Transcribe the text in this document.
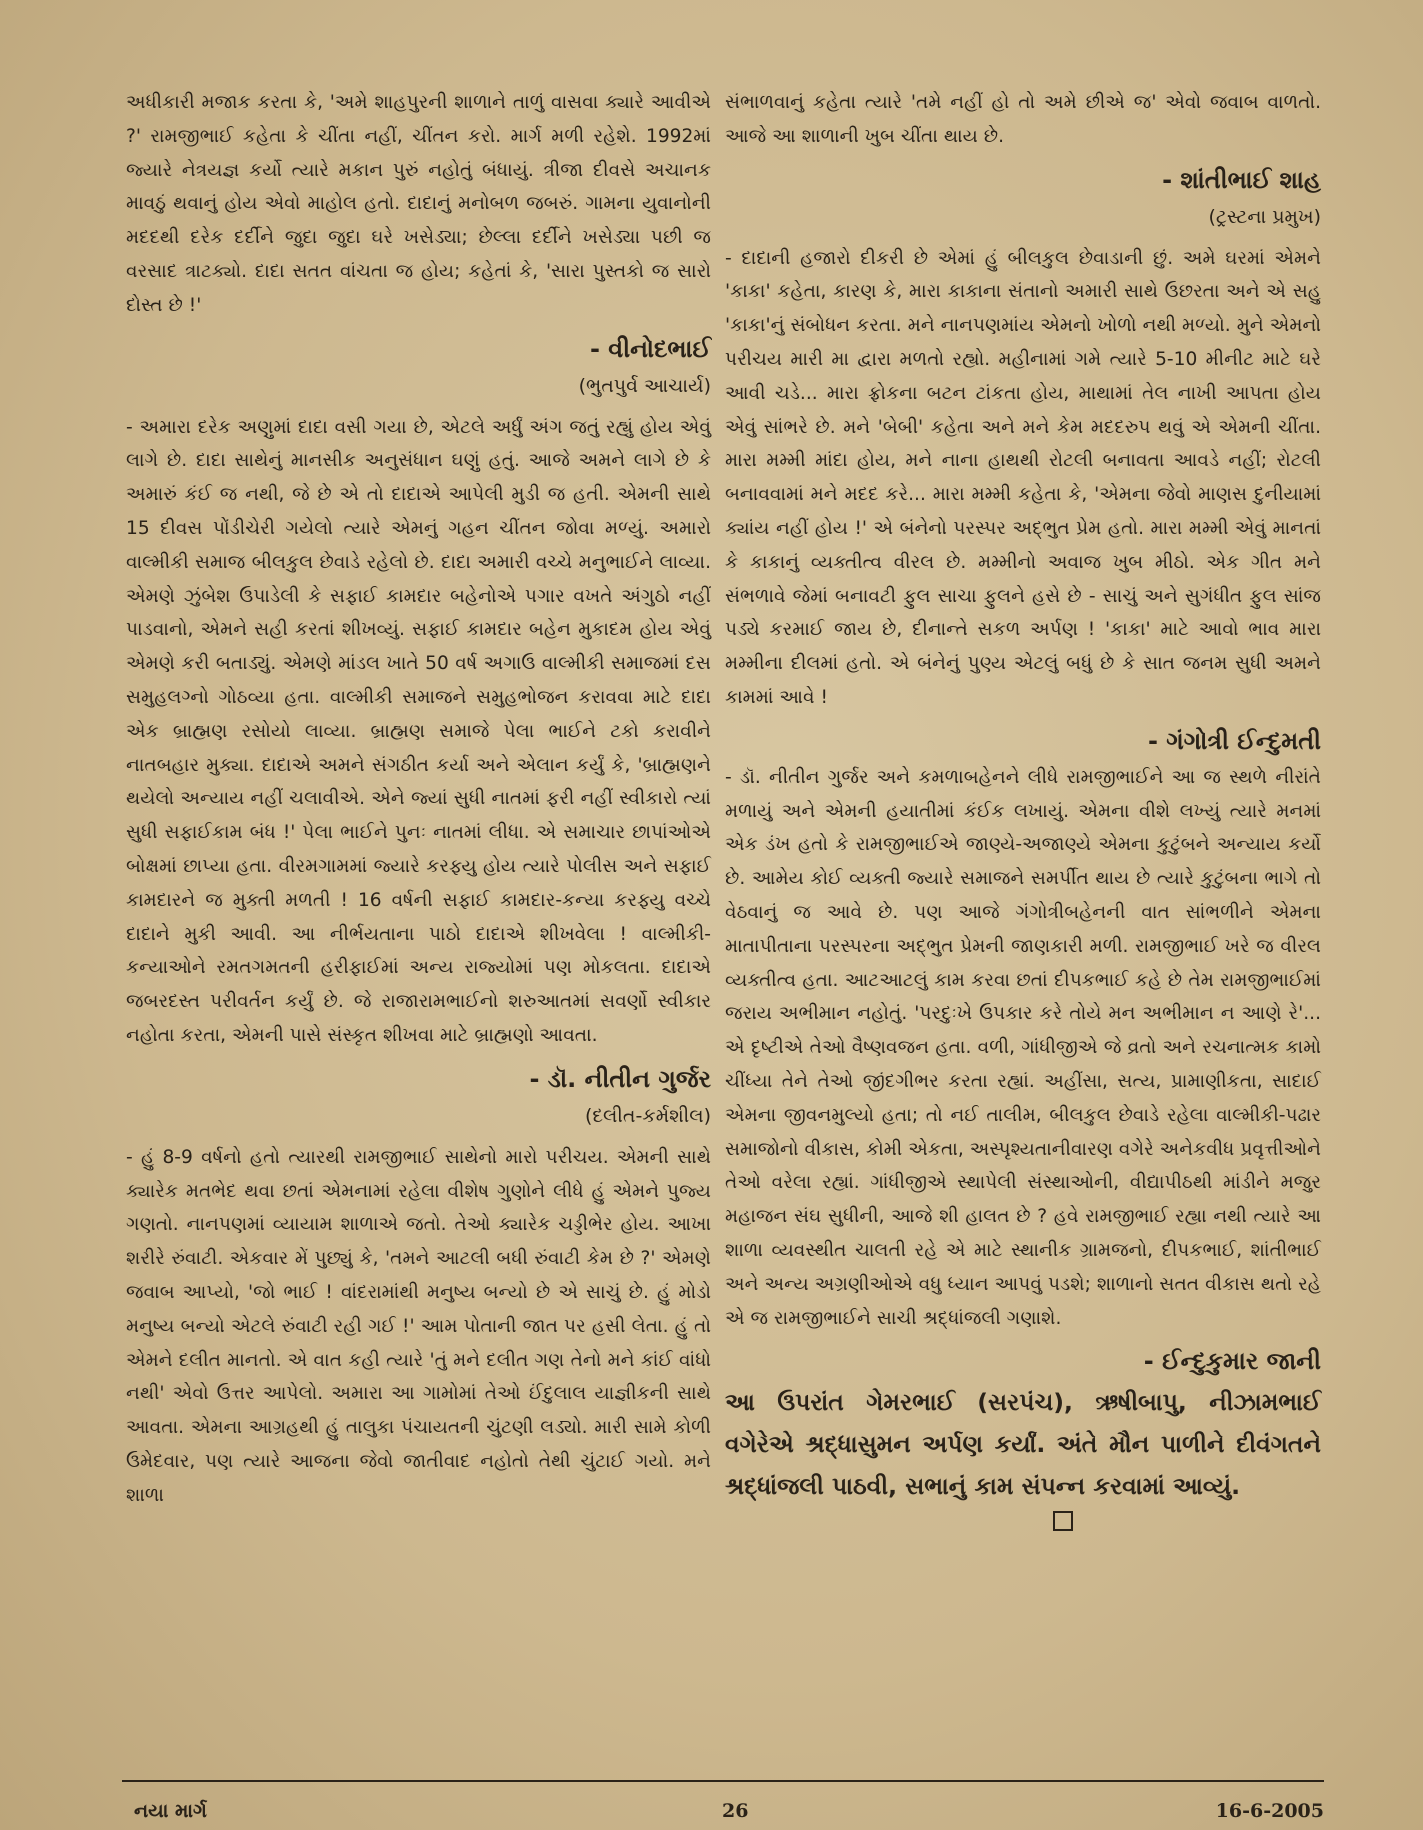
અધીકારી મજાક કરતા કે, 'અમે શાહપુરની શાળાને તાળું વાસવા ક્યારે આવીએ ?' રામજીભાઈ કહેતા કે ચીંતા નહીં, ચીંતન કરો. માર્ગ મળી રહેશે. 1992માં જ્યારે નેત્રયજ્ઞ કર્યો ત્યારે મકાન પુરું નહોતું બંધાયું. ત્રીજા દીવસે અચાનક માવઠું થવાનું હોય એવો માહોલ હતો. દાદાનું મનોબળ જબરું. ગામના યુવાનોની મદદથી દરેક દર્દીને જુદા જુદા ઘરે ખસેડ્યા; છેલ્લા દર્દીને ખસેડ્યા પછી જ વરસાદ ત્રાટક્યો. દાદા સતત વાંચતા જ હોય; કહેતાં કે, 'સારા પુસ્તકો જ સારો દોસ્ત છે !'

- વીનોદભાઈ
(ભુતપુર્વ આચાર્ય)

- અમારા દરેક અણુમાં દાદા વસી ગયા છે, એટલે અર્ધું અંગ જતું રહ્યું હોય એવું લાગે છે. દાદા સાથેનું માનસીક અનુસંધાન ઘણું હતું. આજે અમને લાગે છે કે અમારું કંઈ જ નથી, જે છે એ તો દાદાએ આપેલી મુડી જ હતી. એમની સાથે 15 દીવસ પોંડીચેરી ગયેલો ત્યારે એમનું ગહન ચીંતન જોવા મળ્યું. અમારો વાલ્મીકી સમાજ બીલકુલ છેવાડે રહેલો છે. દાદા અમારી વચ્ચે મનુભાઈને લાવ્યા. એમણે ઝુંબેશ ઉપાડેલી કે સફાઈ કામદાર બહેનોએ પગાર વખતે અંગુઠો નહીં પાડવાનો, એમને સહી કરતાં શીખવ્યું. સફાઈ કામદાર બહેન મુકાદમ હોય એવું એમણે કરી બતાડ્યું. એમણે માંડલ ખાતે 50 વર્ષ અગાઉ વાલ્મીકી સમાજમાં દસ સમુહલગ્નો ગોઠવ્યા હતા. વાલ્મીકી સમાજને સમુહભોજન કરાવવા માટે દાદા એક બ્રાહ્મણ રસોયો લાવ્યા. બ્રાહ્મણ સમાજે પેલા ભાઈને ટકો કરાવીને નાતબહાર મુક્યા. દાદાએ અમને સંગઠીત કર્યા અને એલાન કર્યું કે, 'બ્રાહ્મણને થયેલો અન્યાય નહીં ચલાવીએ. એને જ્યાં સુધી નાતમાં ફરી નહીં સ્વીકારો ત્યાં સુધી સફાઈકામ બંધ !' પેલા ભાઈને પુનઃ નાતમાં લીધા. એ સમાચાર છાપાંઓએ બોક્ષમાં છાપ્યા હતા. વીરમગામમાં જ્યારે કરફ્યુ હોય ત્યારે પોલીસ અને સફાઈ કામદારને જ મુક્તી મળતી ! 16 વર્ષની સફાઈ કામદાર-કન્યા કરફ્યુ વચ્ચે દાદાને મુકી આવી. આ નીર્ભયતાના પાઠો દાદાએ શીખવેલા ! વાલ્મીકી- કન્યાઓને રમતગમતની હરીફાઈમાં અન્ય રાજ્યોમાં પણ મોકલતા. દાદાએ જબરદસ્ત પરીવર્તન કર્યું છે. જે રાજારામભાઈનો શરુઆતમાં સવર્ણો સ્વીકાર નહોતા કરતા, એમની પાસે સંસ્કૃત શીખવા માટે બ્રાહ્મણો આવતા.

- ડૉ. નીતીન ગુર્જર
(દલીત-કર્મશીલ)

- હું 8-9 વર્ષનો હતો ત્યારથી રામજીભાઈ સાથેનો મારો પરીચય. એમની સાથે ક્યારેક મતભેદ થવા છતાં એમનામાં રહેલા વીશેષ ગુણોને લીધે હું એમને પુજ્ય ગણતો. નાનપણમાં વ્યાયામ શાળાએ જતો. તેઓ ક્યારેક ચડ્ડીભેર હોય. આખા શરીરે રુંવાટી. એકવાર મેં પુછ્યું કે, 'તમને આટલી બધી રુંવાટી કેમ છે ?' એમણે જવાબ આપ્યો, 'જો ભાઈ ! વાંદરામાંથી મનુષ્ય બન્યો છે એ સાચું છે. હું મોડો મનુષ્ય બન્યો એટલે રુંવાટી રહી ગઈ !' આમ પોતાની જાત પર હસી લેતા. હું તો એમને દલીત માનતો. એ વાત કહી ત્યારે 'તું મને દલીત ગણ તેનો મને કાંઈ વાંધો નથી' એવો ઉત્તર આપેલો. અમારા આ ગામોમાં તેઓ ઈંદુલાલ યાજ્ઞીકની સાથે આવતા. એમના આગ્રહથી હું તાલુકા પંચાયતની ચુંટણી લડ્યો. મારી સામે કોળી ઉમેદવાર, પણ ત્યારે આજના જેવો જાતીવાદ નહોતો તેથી ચુંટાઈ ગયો. મને શાળા

સંભાળવાનું કહેતા ત્યારે 'તમે નહીં હો તો અમે છીએ જ' એવો જવાબ વાળતો. આજે આ શાળાની ખુબ ચીંતા થાય છે.

- શાંતીભાઈ શાહ
(ટ્રસ્ટના પ્રમુખ)

- દાદાની હજારો દીકરી છે એમાં હું બીલકુલ છેવાડાની છું. અમે ઘરમાં એમને 'કાકા' કહેતા, કારણ કે, મારા કાકાના સંતાનો અમારી સાથે ઉછરતા અને એ સહુ 'કાકા'નું સંબોધન કરતા. મને નાનપણમાંય એમનો ખોળો નથી મળ્યો. મુને એમનો પરીચય મારી મા દ્વારા મળતો રહ્યો. મહીનામાં ગમે ત્યારે 5-10 મીનીટ માટે ઘરે આવી ચડે... મારા ફ્રોકના બટન ટાંકતા હોય, માથામાં તેલ નાખી આપતા હોય એવું સાંભરે છે. મને 'બેબી' કહેતા અને મને કેમ મદદરુપ થવું એ એમની ચીંતા. મારા મમ્મી માંદા હોય, મને નાના હાથથી રોટલી બનાવતા આવડે નહીં; રોટલી બનાવવામાં મને મદદ કરે... મારા મમ્મી કહેતા કે, 'એમના જેવો માણસ દુનીયામાં ક્યાંય નહીં હોય !' એ બંનેનો પરસ્પર અદ્ભુત પ્રેમ હતો. મારા મમ્મી એવું માનતાં કે કાકાનું વ્યક્તીત્વ વીરલ છે. મમ્મીનો અવાજ ખુબ મીઠો. એક ગીત મને સંભળાવે જેમાં બનાવટી ફુલ સાચા ફુલને હસે છે - સાચું અને સુગંધીત ફુલ સાંજ પડ્યે કરમાઈ જાય છે, દીનાન્તે સકળ અર્પણ ! 'કાકા' માટે આવો ભાવ મારા મમ્મીના દીલમાં હતો. એ બંનેનું પુણ્ય એટલું બધું છે કે સાત જનમ સુધી અમને કામમાં આવે !

- ગંગોત્રી ઈન્દુમતી

- ડૉ. નીતીન ગુર્જર અને કમળાબહેનને લીધે રામજીભાઈને આ જ સ્થળે નીરાંતે મળાયું અને એમની હયાતીમાં કંઈક લખાયું. એમના વીશે લખ્યું ત્યારે મનમાં એક ડંખ હતો કે રામજીભાઈએ જાણ્યે-અજાણ્યે એમના કુટુંબને અન્યાય કર્યો છે. આમેય કોઈ વ્યક્તી જ્યારે સમાજને સમર્પીત થાય છે ત્યારે કુટુંબના ભાગે તો વેઠવાનું જ આવે છે. પણ આજે ગંગોત્રીબહેનની વાત સાંભળીને એમના માતાપીતાના પરસ્પરના અદ્ભુત પ્રેમની જાણકારી મળી. રામજીભાઈ ખરે જ વીરલ વ્યક્તીત્વ હતા. આટઆટલું કામ કરવા છતાં દીપકભાઈ કહે છે તેમ રામજીભાઈમાં જરાય અભીમાન નહોતું. 'પરદુઃખે ઉપકાર કરે તોયે મન અભીમાન ન આણે રે'... એ દૃષ્ટીએ તેઓ વૈષ્ણવજન હતા. વળી, ગાંધીજીએ જે વ્રતો અને રચનાત્મક કામો ચીંધ્યા તેને તેઓ જીંદગીભર કરતા રહ્યાં. અહીંસા, સત્ય, પ્રામાણીકતા, સાદાઈ એમના જીવનમુલ્યો હતા; તો નઈ તાલીમ, બીલકુલ છેવાડે રહેલા વાલ્મીકી-પઢાર સમાજોનો વીકાસ, કોમી એકતા, અસ્પૃશ્યતાનીવારણ વગેરે અનેકવીધ પ્રવૃત્તીઓને તેઓ વરેલા રહ્યાં. ગાંધીજીએ સ્થાપેલી સંસ્થાઓની, વીદ્યાપીઠથી માંડીને મજુર મહાજન સંઘ સુધીની, આજે શી હાલત છે ? હવે રામજીભાઈ રહ્યા નથી ત્યારે આ શાળા વ્યવસ્થીત ચાલતી રહે એ માટે સ્થાનીક ગ્રામજનો, દીપકભાઈ, શાંતીભાઈ અને અન્ય અગ્રણીઓએ વધુ ધ્યાન આપવું પડશે; શાળાનો સતત વીકાસ થતો રહે એ જ રામજીભાઈને સાચી શ્રદ્ધાંજલી ગણાશે.

- ઈન્દુકુમાર જાની

આ ઉપરાંત ગેમરભાઈ (સરપંચ), ઋષીબાપુ, નીઝામભાઈ વગેરેએ શ્રદ્ધાસુમન અર્પણ કર્યાં. અંતે મૌન પાળીને દીવંગતને શ્રદ્ધાંજલી પાઠવી, સભાનું કામ સંપન્ન કરવામાં આવ્યું.

નયા માર્ગ	26	16-6-2005
